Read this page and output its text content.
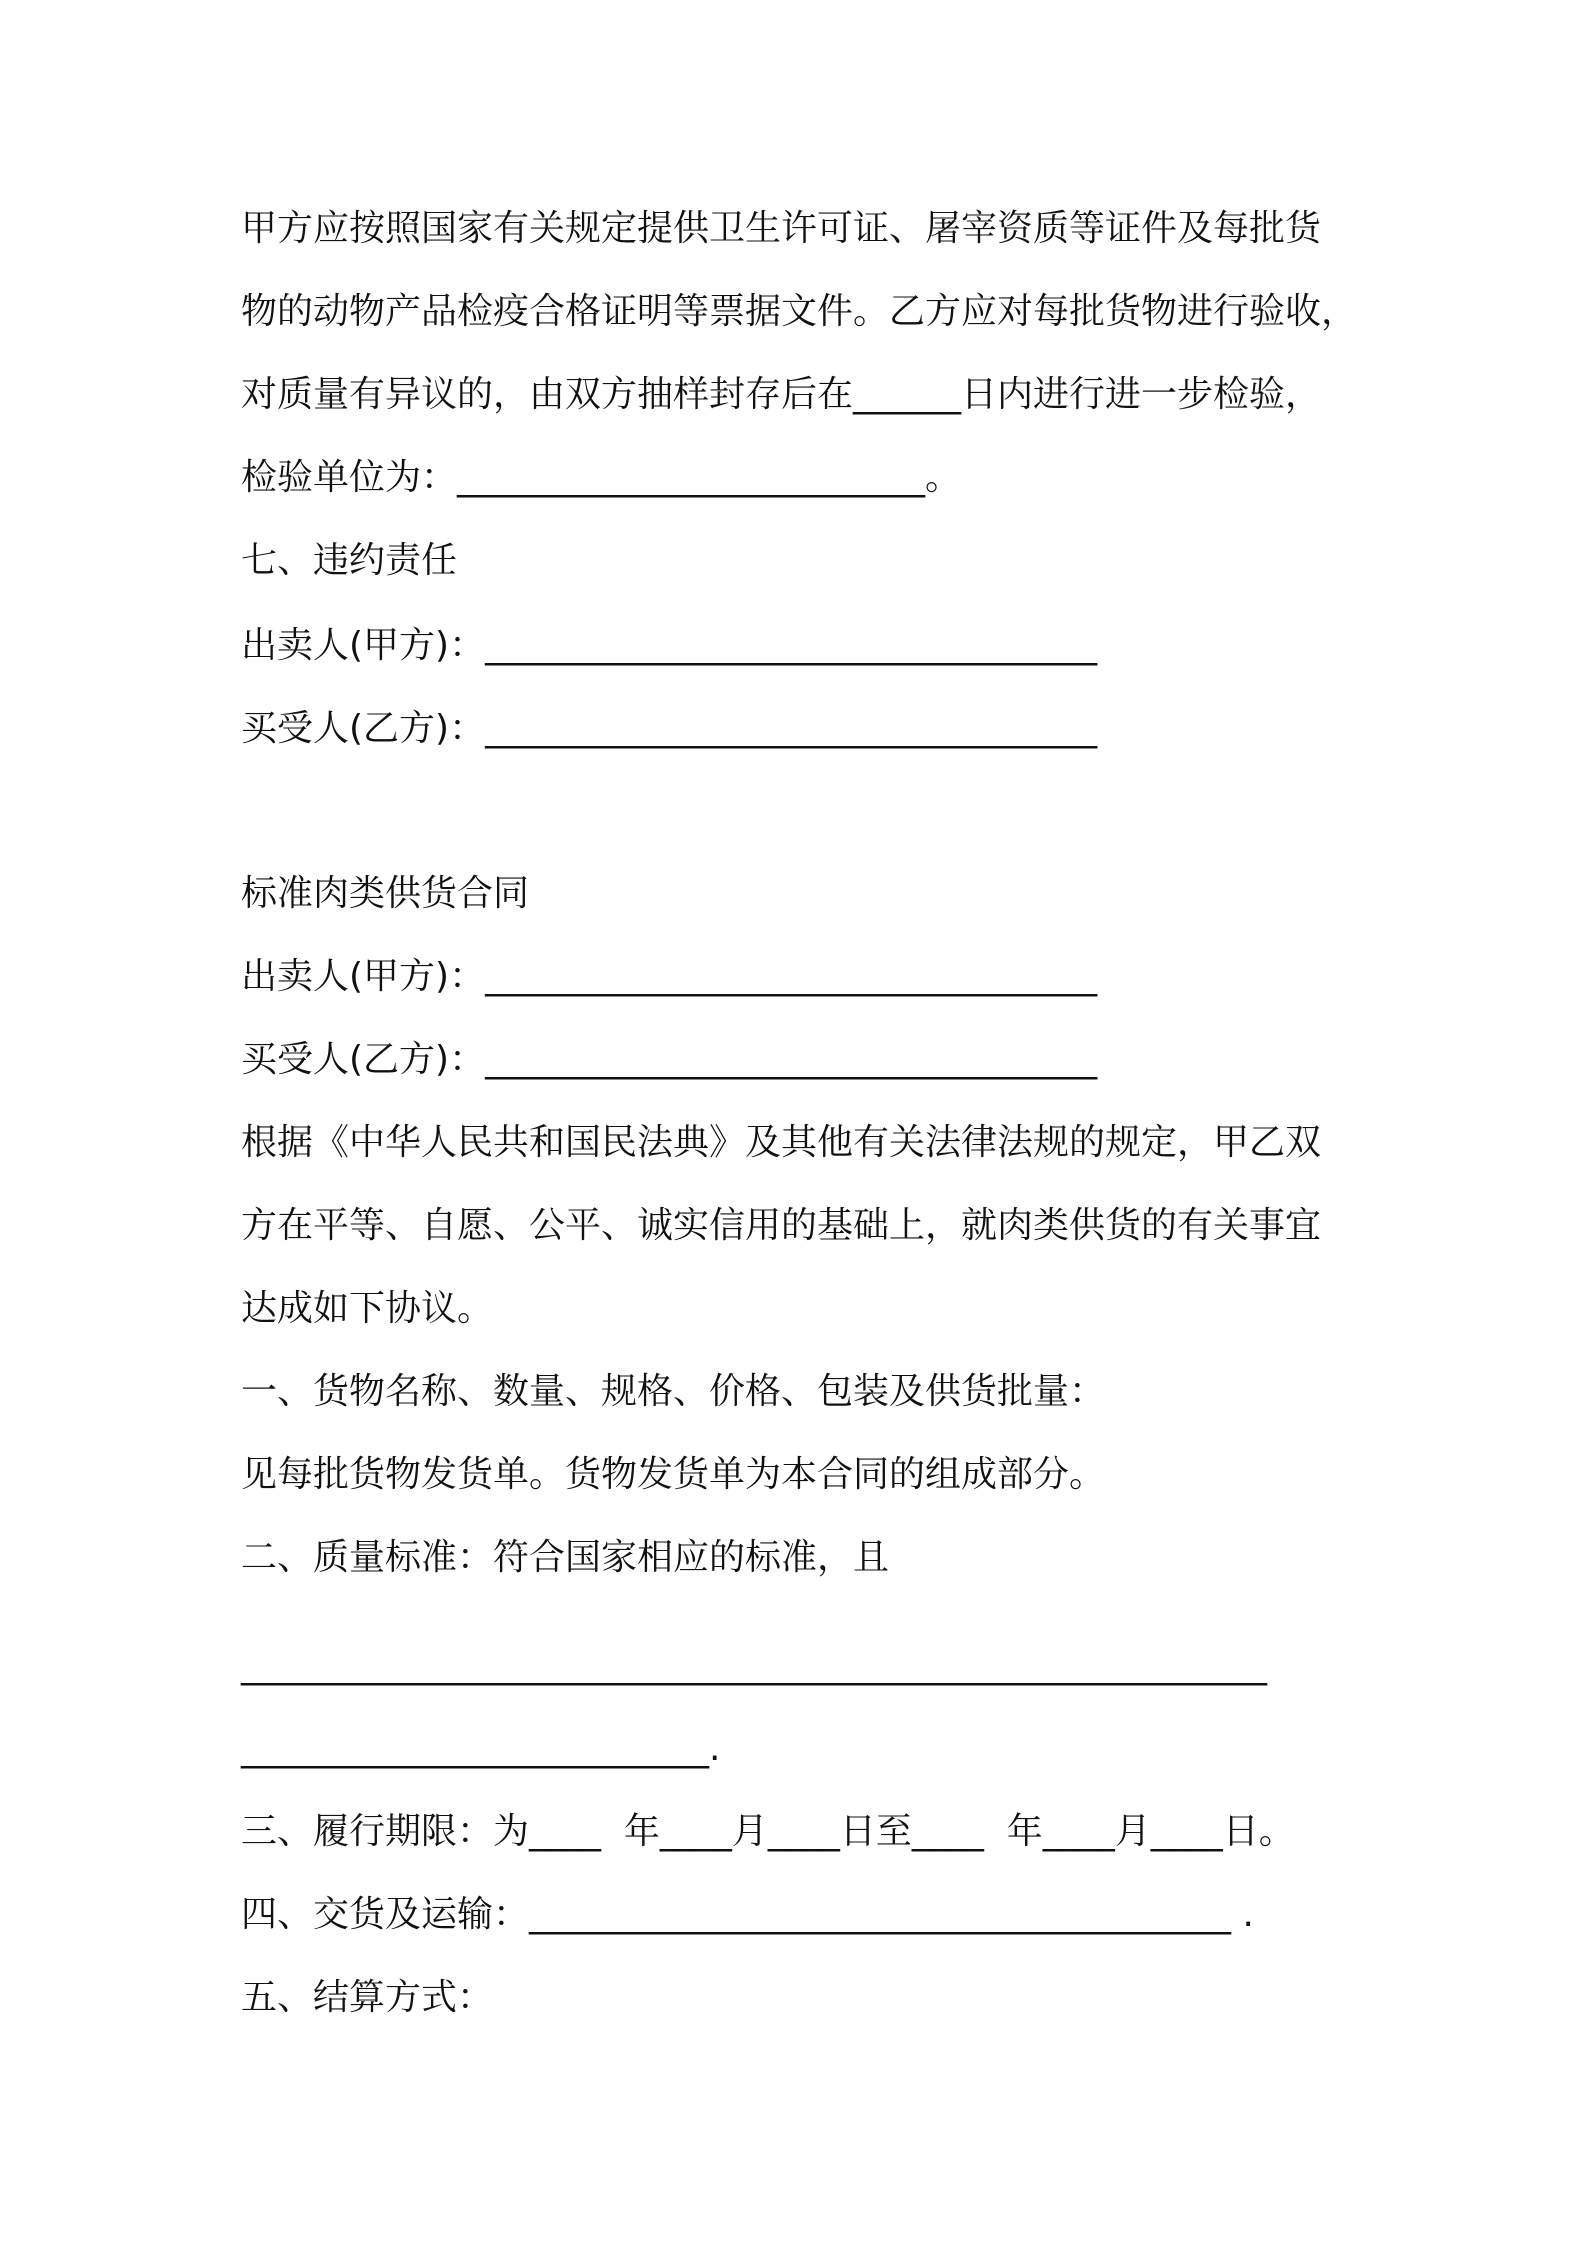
甲方应按照国家有关规定提供卫生许可证、屠宰资质等证件及每批货
物的动物产品检疫合格证明等票据文件。乙方应对每批货物进行验收，
对质量有异议的，由双方抽样封存后在______日内进行进一步检验，
检验单位为：__________________________。
七、违约责任
出卖人(甲方)：__________________________________
买受人(乙方)：__________________________________
标准肉类供货合同
出卖人(甲方)：__________________________________
买受人(乙方)：__________________________________
根据《中华人民共和国民法典》及其他有关法律法规的规定，甲乙双
方在平等、自愿、公平、诚实信用的基础上，就肉类供货的有关事宜
达成如下协议。
一、货物名称、数量、规格、价格、包装及供货批量：
见每批货物发货单。货物发货单为本合同的组成部分。
二、质量标准：符合国家相应的标准，且
_________________________________________________________
__________________________.
三、履行期限：为____  年____月____日至____  年____月____日。
四、交货及运输：_______________________________________ .
五、结算方式：
